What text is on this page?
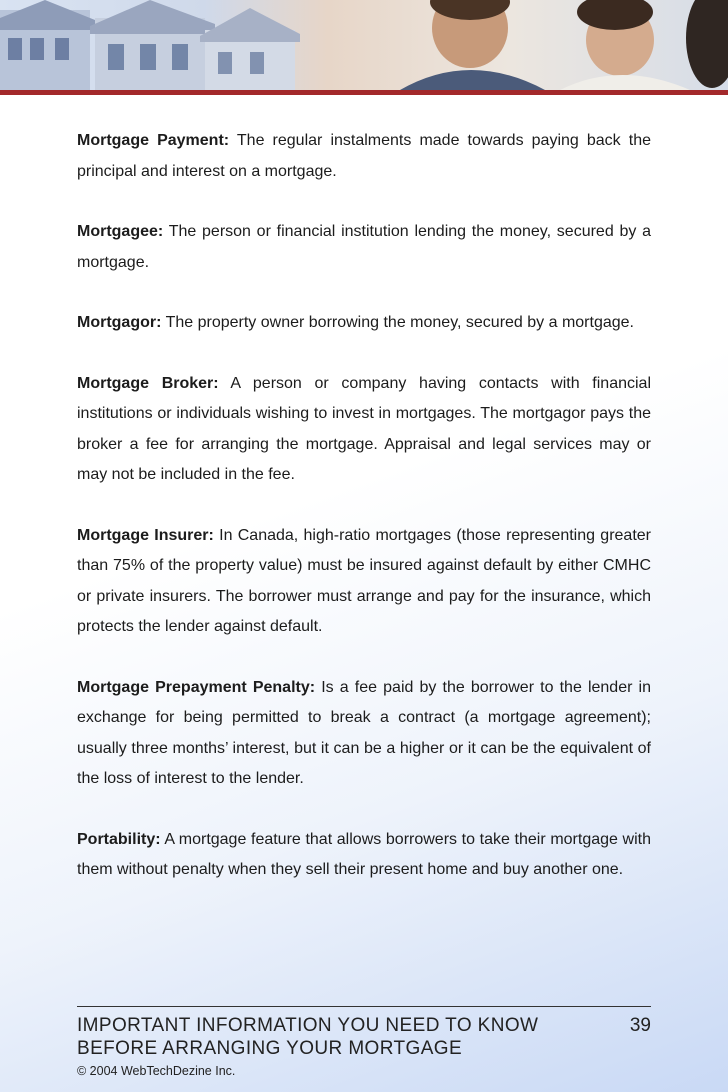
Mortgage Payment: The regular instalments made towards paying back the principal and interest on a mortgage.

Mortgagee: The person or financial institution lending the money, secured by a mortgage.

Mortgagor: The property owner borrowing the money, secured by a mortgage.

Mortgage Broker: A person or company having contacts with financial institutions or individuals wishing to invest in mortgages. The mortgagor pays the broker a fee for arranging the mortgage. Appraisal and legal services may or may not be included in the fee.

Mortgage Insurer: In Canada, high-ratio mortgages (those representing greater than 75% of the property value) must be insured against default by either CMHC or private insurers. The borrower must arrange and pay for the insurance, which protects the lender against default.

Mortgage Prepayment Penalty: Is a fee paid by the borrower to the lender in exchange for being permitted to break a contract (a mortgage agreement); usually three months’ interest, but it can be a higher or it can be the equivalent of the loss of interest to the lender.

Portability: A mortgage feature that allows borrowers to take their mortgage with them without penalty when they sell their present home and buy another one.

IMPORTANT INFORMATION YOU NEED TO KNOW
BEFORE ARRANGING YOUR MORTGAGE
39
© 2004 WebTechDezine Inc.
